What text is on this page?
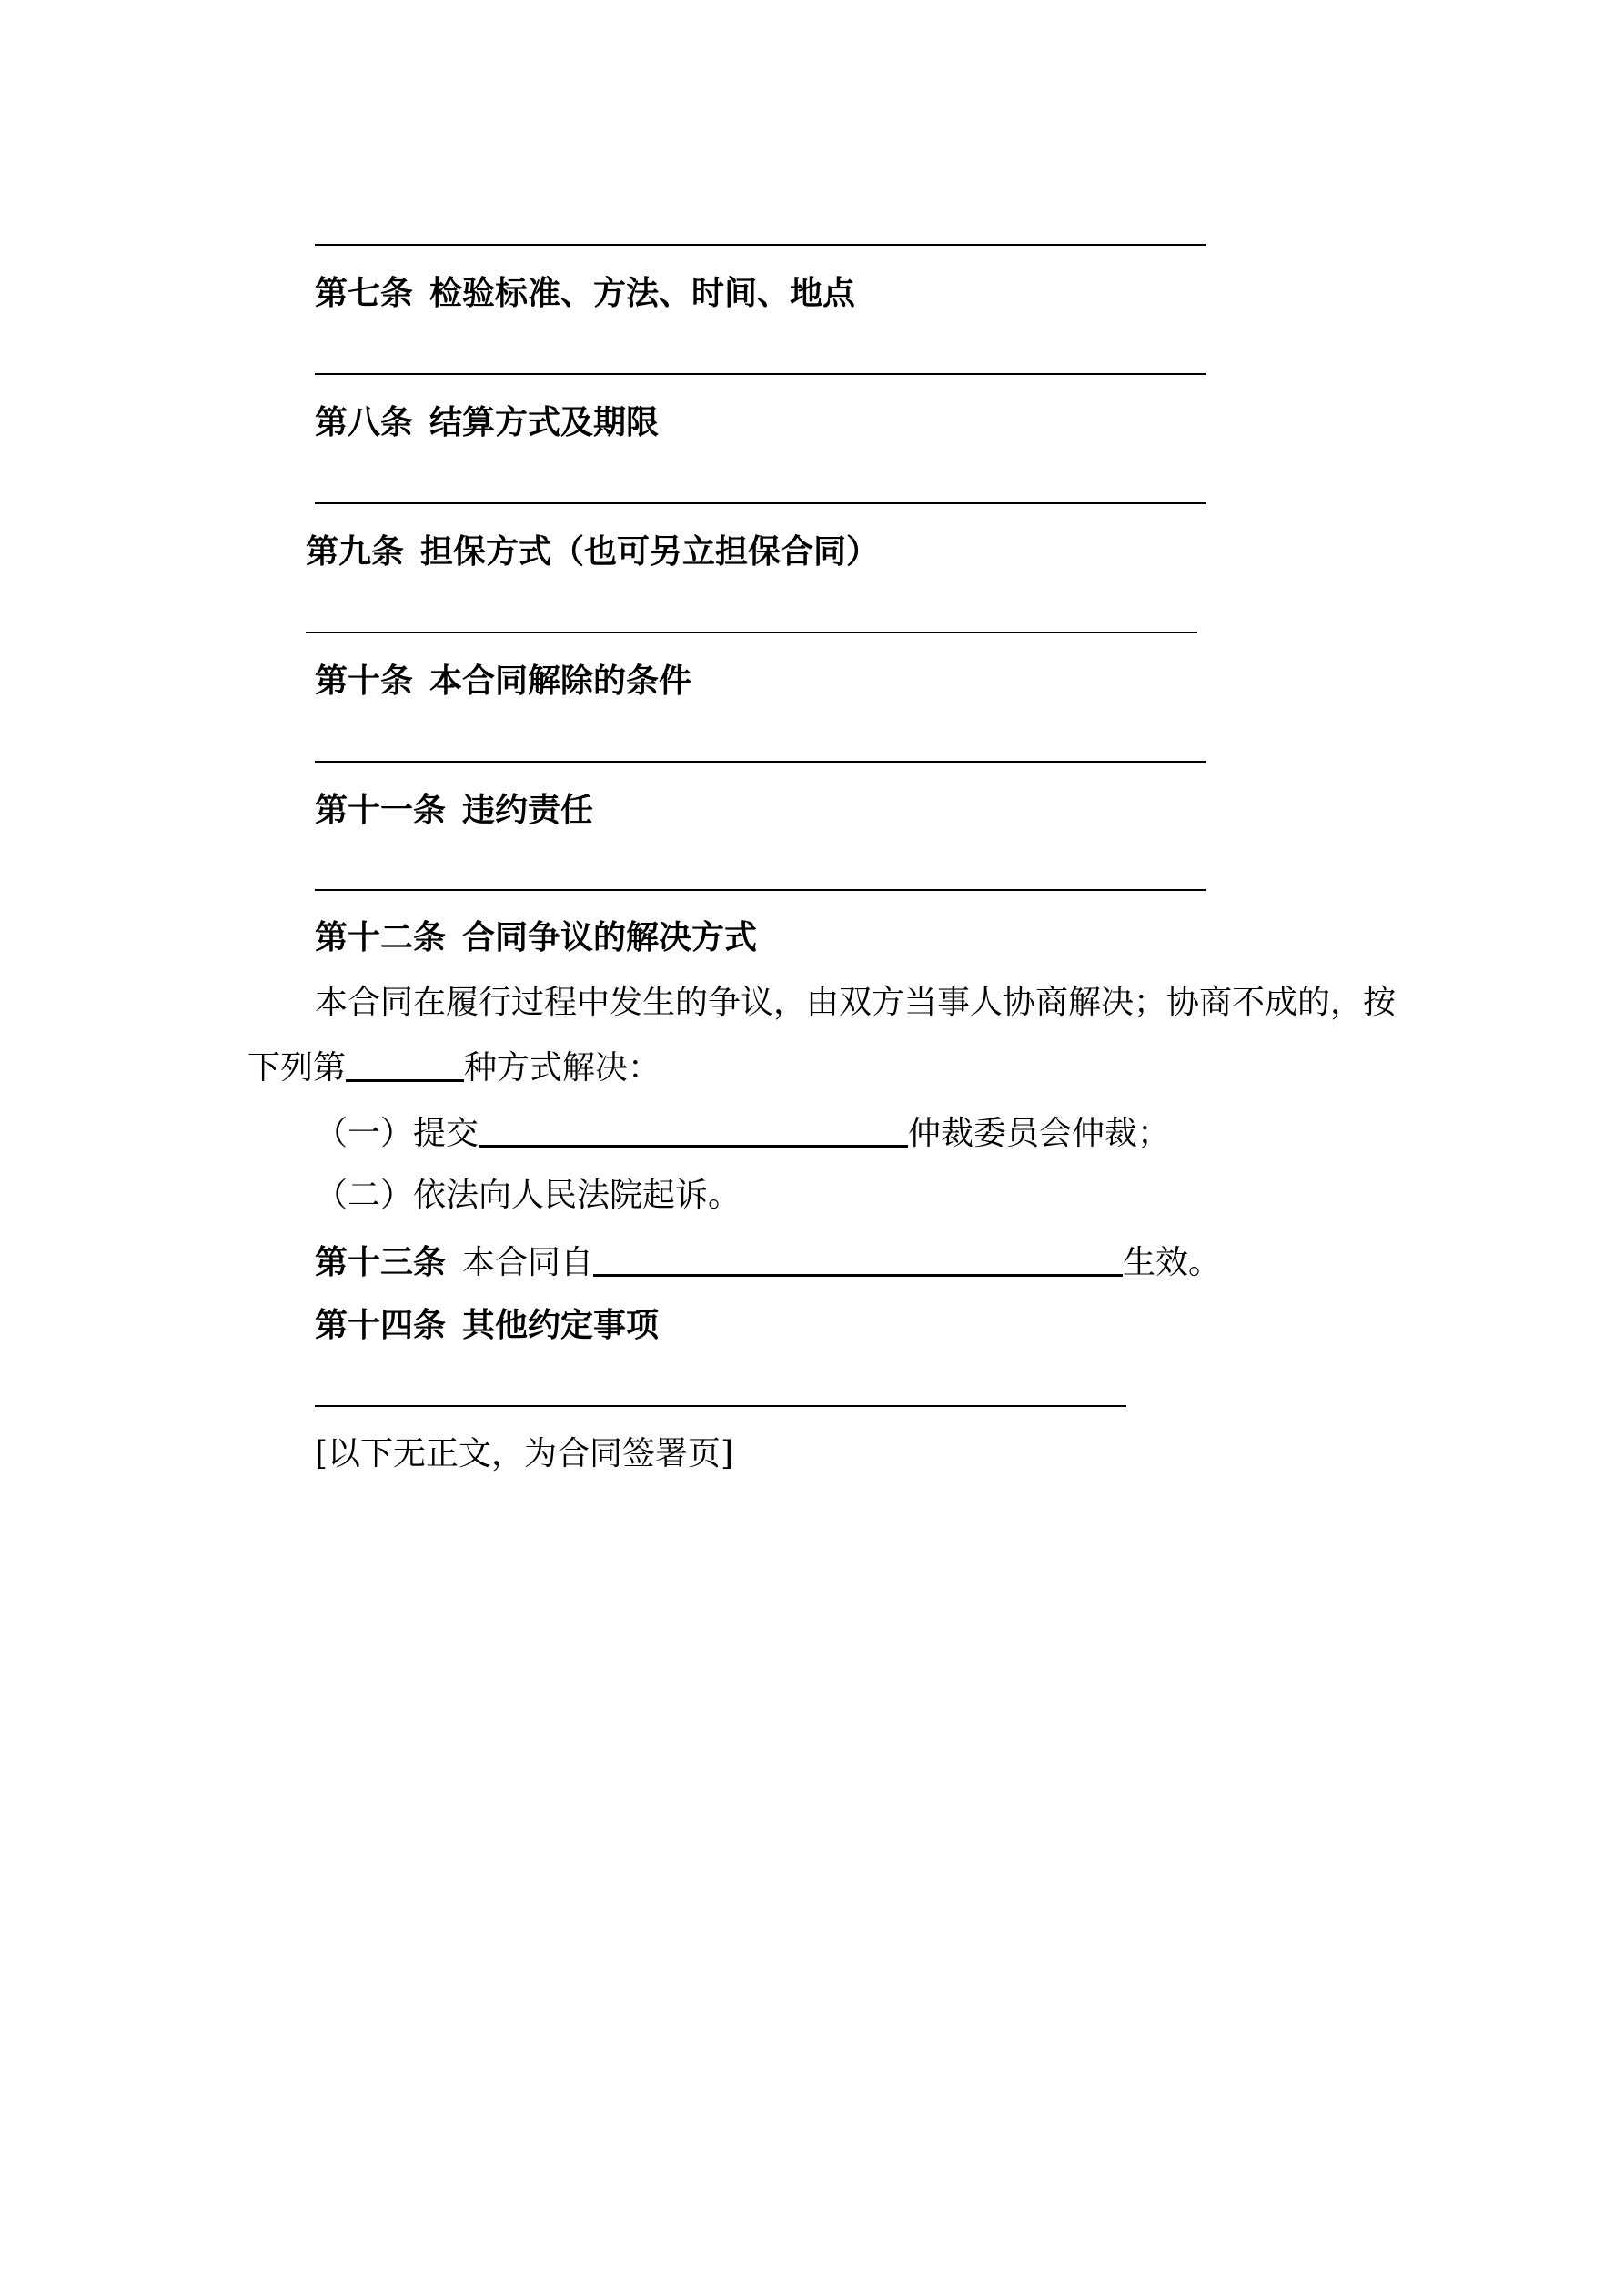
第七条 检验标准、方法、时间、地点
第八条 结算方式及期限
第九条 担保方式（也可另立担保合同）
第十条 本合同解除的条件
第十一条 违约责任
第十二条 合同争议的解决方式
本合同在履行过程中发生的争议，由双方当事人协商解决；协商不成的，按
下列第	种方式解决：
（一）提交	仲裁委员会仲裁；
（二）依法向人民法院起诉。
第十三条 本合同自	生效。
第十四条 其他约定事项
[以下无正文，为合同签署页]
